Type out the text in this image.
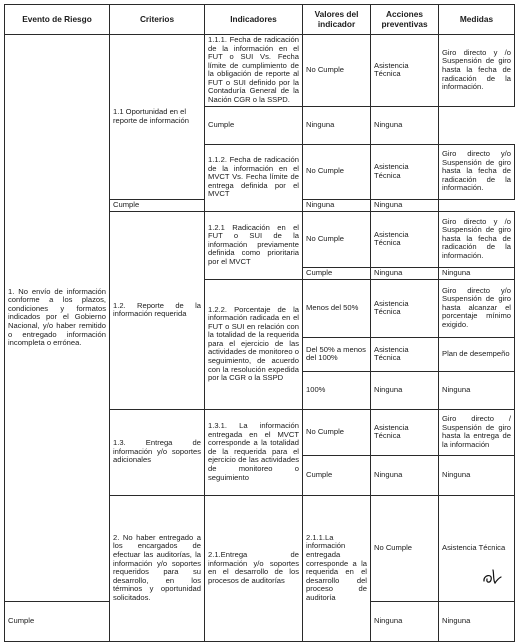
Evento de Riesgo	Criterios	Indicadores	Valores del indicador	Acciones preventivas	Medidas	
1. No envío de información conforme a los plazos, condiciones y formatos indicados por el Gobierno Nacional, y/o haber remitido o entregado información incompleta o errónea.	1.1 Oportunidad en el reporte de información	1.1.1. Fecha de radicación de la información en el FUT o SUI Vs. Fecha límite de cumplimiento de la obligación de reporte al FUT o SUI definido por la Contaduría General de la Nación CGR o la SSPD.	No Cumple	Asistencia Técnica	Giro directo y /o Suspensión de giro hasta la fecha de radicación de la información.	
		Cumple	Ninguna	Ninguna		
		1.1.2. Fecha de radicación de la información en el MVCT Vs. Fecha límite de entrega definida por el MVCT	No Cumple	Asistencia Técnica	Giro directo y/o Suspensión de giro hasta la fecha de radicación de la información.	
	Cumple		Ninguna	Ninguna		
	1.2. Reporte de la información requerida	1.2.1 Radicación en el FUT o SUI de la información previamente definida como prioritaria por el MVCT	No Cumple	Asistencia Técnica	Giro directo y /o Suspensión de giro hasta la fecha de radicación de la información.	
			Cumple	Ninguna	Ninguna	
		1.2.2. Porcentaje de la información radicada en el FUT o SUI en relación con la totalidad de la requerida para el ejercicio de las actividades de monitoreo o seguimiento, de acuerdo con la resolución expedida por la CGR o la SSPD	Menos del 50%	Asistencia Técnica	Giro directo y/o Suspensión de giro hasta alcanzar el porcentaje mínimo exigido.	
			Del 50% a menos del 100%	Asistencia Técnica	Plan de desempeño	
			100%	Ninguna	Ninguna	
	1.3. Entrega de información y/o soportes adicionales	1.3.1. La información entregada en el MVCT corresponde a la totalidad de la requerida para el ejercicio de las actividades de monitoreo o seguimiento	No Cumple	Asistencia Técnica	Giro directo / Suspensión de giro hasta la entrega de la información	
			Cumple	Ninguna	Ninguna	
	2. No haber entregado a los encargados de efectuar las auditorías, la información y/o soportes requeridos para su desarrollo, en los términos y oportunidad solicitados.	2.1.Entrega de información y/o soportes en el desarrollo de los procesos de auditorías	2.1.1.La información entregada corresponde a la requerida en el desarrollo del proceso de auditoría	No Cumple	Asistencia Técnica	
Cumple				Ninguna	Ninguna	
